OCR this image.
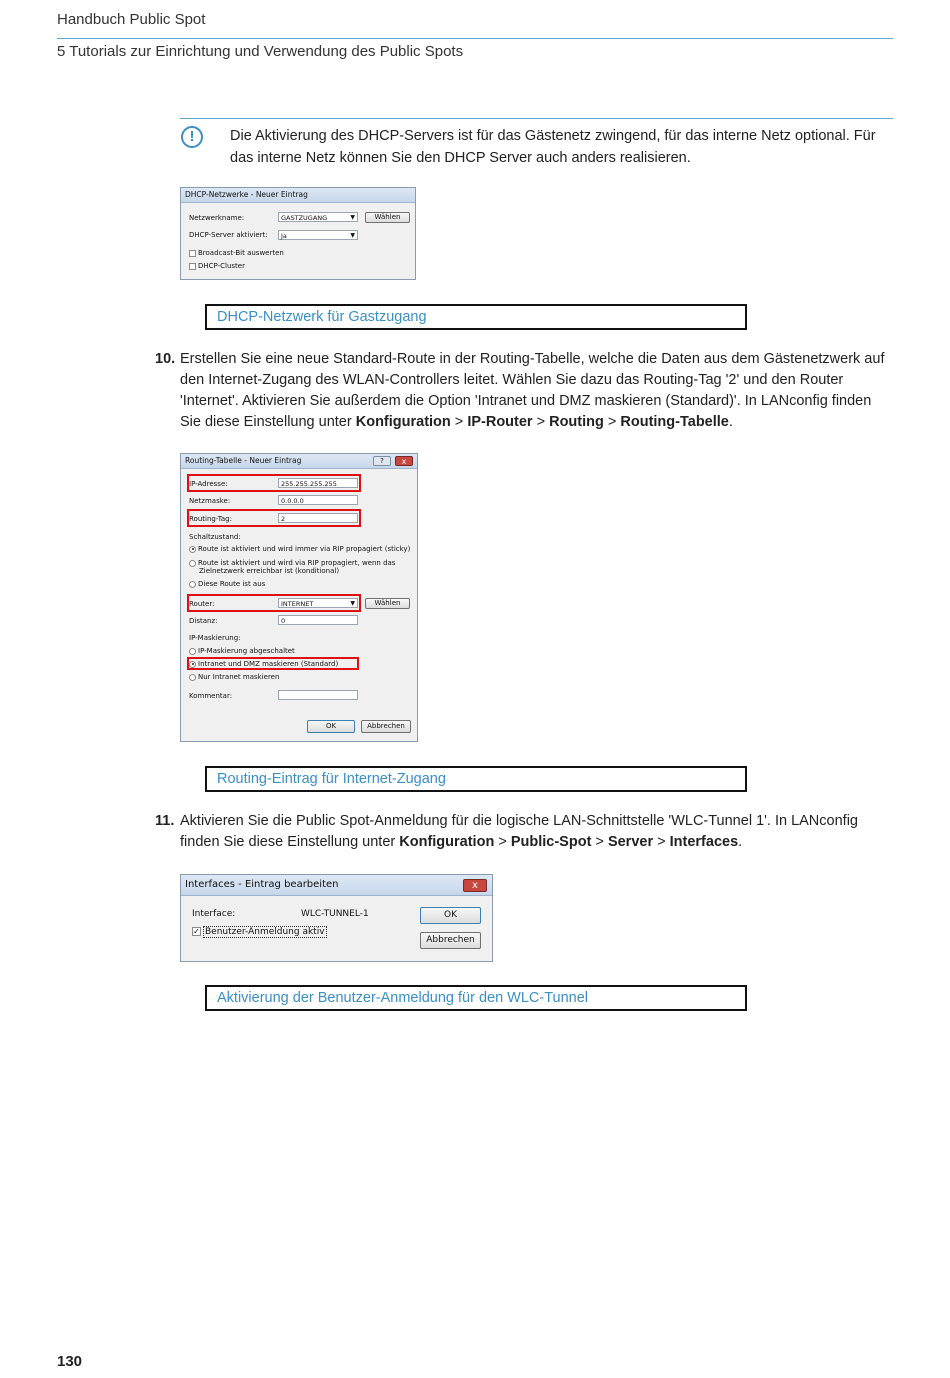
Handbuch Public Spot
5 Tutorials zur Einrichtung und Verwendung des Public Spots
!	Die Aktivierung des DHCP-Servers ist für das Gästenetz zwingend, für das interne Netz optional. Für das interne Netz können Sie den DHCP Server auch anders realisieren.
DHCP-Netzwerke - Neuer Eintrag
Netzwerkname:	GASTZUGANG	▼	Wählen
DHCP-Server aktiviert:	Ja	▼
Broadcast-Bit auswerten
DHCP-Cluster
DHCP-Netzwerk für Gastzugang
10. Erstellen Sie eine neue Standard-Route in der Routing-Tabelle, welche die Daten aus dem Gästenetzwerk auf den Internet-Zugang des WLAN-Controllers leitet. Wählen Sie dazu das Routing-Tag '2' und den Router 'Internet'. Aktivieren Sie außerdem die Option 'Intranet und DMZ maskieren (Standard)'. In LANconfig finden Sie diese Einstellung unter Konfiguration > IP-Router > Routing > Routing-Tabelle.
Routing-Tabelle - Neuer Eintrag	?	x
IP-Adresse:	255.255.255.255
Netzmaske:	0.0.0.0
Routing-Tag:	2
Schaltzustand:
Route ist aktiviert und wird immer via RIP propagiert (sticky)
Route ist aktiviert und wird via RIP propagiert, wenn das
Zielnetzwerk erreichbar ist (konditional)
Diese Route ist aus
Router:	INTERNET	▼	Wählen
Distanz:	0
IP-Maskierung:
IP-Maskierung abgeschaltet
Intranet und DMZ maskieren (Standard)
Nur Intranet maskieren
Kommentar:
OK	Abbrechen
Routing-Eintrag für Internet-Zugang
11. Aktivieren Sie die Public Spot-Anmeldung für die logische LAN-Schnittstelle 'WLC-Tunnel 1'. In LANconfig finden Sie diese Einstellung unter Konfiguration > Public-Spot > Server > Interfaces.
Interfaces - Eintrag bearbeiten	x
Interface:	WLC-TUNNEL-1
✓ Benutzer-Anmeldung aktiv
OK
Abbrechen
Aktivierung der Benutzer-Anmeldung für den WLC-Tunnel
130
